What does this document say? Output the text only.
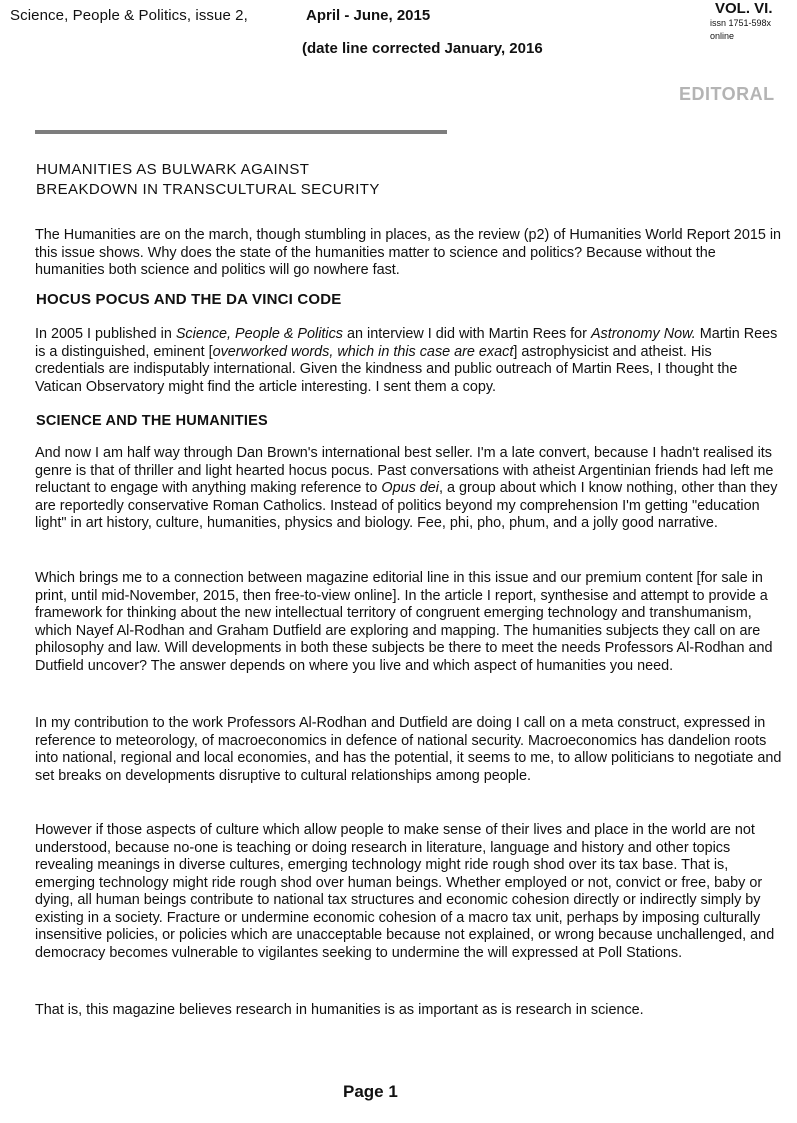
Science, People & Politics, issue 2,	April - June, 2015
(date line corrected January, 2016
VOL. VI.
issn 1751-598x
online
EDITORAL
HUMANITIES AS BULWARK AGAINST
BREAKDOWN IN TRANSCULTURAL SECURITY
The Humanities are on the march, though stumbling in places, as the review (p2) of Humanities World Report 2015 in this issue shows. Why does the state of the humanities matter to science and politics? Because without the humanities both science and politics will go nowhere fast.
HOCUS POCUS AND THE DA VINCI CODE
In 2005 I published in Science, People & Politics an interview I did with Martin Rees for Astronomy Now. Martin Rees is a distinguished, eminent [overworked words, which in this case are exact] astrophysicist and atheist. His credentials are indisputably international. Given the kindness and public outreach of Martin Rees, I thought the Vatican Observatory might find the article interesting. I sent them a copy.
SCIENCE AND THE HUMANITIES
And now I am half way through Dan Brown's international best seller. I'm a late convert, because I hadn't realised its genre is that of thriller and light hearted hocus pocus. Past conversations with atheist Argentinian friends had left me reluctant to engage with anything making reference to Opus dei, a group about which I know nothing, other than they are reportedly conservative Roman Catholics. Instead of politics beyond my comprehension I'm getting "education light" in art history, culture, humanities, physics and biology. Fee, phi, pho, phum, and a jolly good narrative.
Which brings me to a connection between magazine editorial line in this issue and our premium content [for sale in print, until mid-November, 2015, then free-to-view online]. In the article I report, synthesise and attempt to provide a framework for thinking about the new intellectual territory of congruent emerging technology and transhumanism, which Nayef Al-Rodhan and Graham Dutfield are exploring and mapping. The humanities subjects they call on are philosophy and law. Will developments in both these subjects be there to meet the needs Professors Al-Rodhan and Dutfield uncover? The answer depends on where you live and which aspect of humanities you need.
In my contribution to the work Professors Al-Rodhan and Dutfield are doing I call on a meta construct, expressed in reference to meteorology, of macroeconomics in defence of national security. Macroeconomics has dandelion roots into national, regional and local economies, and has the potential, it seems to me, to allow politicians to negotiate and set breaks on developments disruptive to cultural relationships among people.
However if those aspects of culture which allow people to make sense of their lives and place in the world are not understood, because no-one is teaching or doing research in literature, language and history and other topics revealing meanings in diverse cultures, emerging technology might ride rough shod over its tax base. That is, emerging technology might ride rough shod over human beings. Whether employed or not, convict or free, baby or dying, all human beings contribute to national tax structures and economic cohesion directly or indirectly simply by existing in a society. Fracture or undermine economic cohesion of a macro tax unit, perhaps by imposing culturally insensitive policies, or policies which are unacceptable because not explained, or wrong because unchallenged, and democracy becomes vulnerable to vigilantes seeking to undermine the will expressed at Poll Stations.
That is, this magazine believes research in humanities is as important as is research in science.
Page 1
